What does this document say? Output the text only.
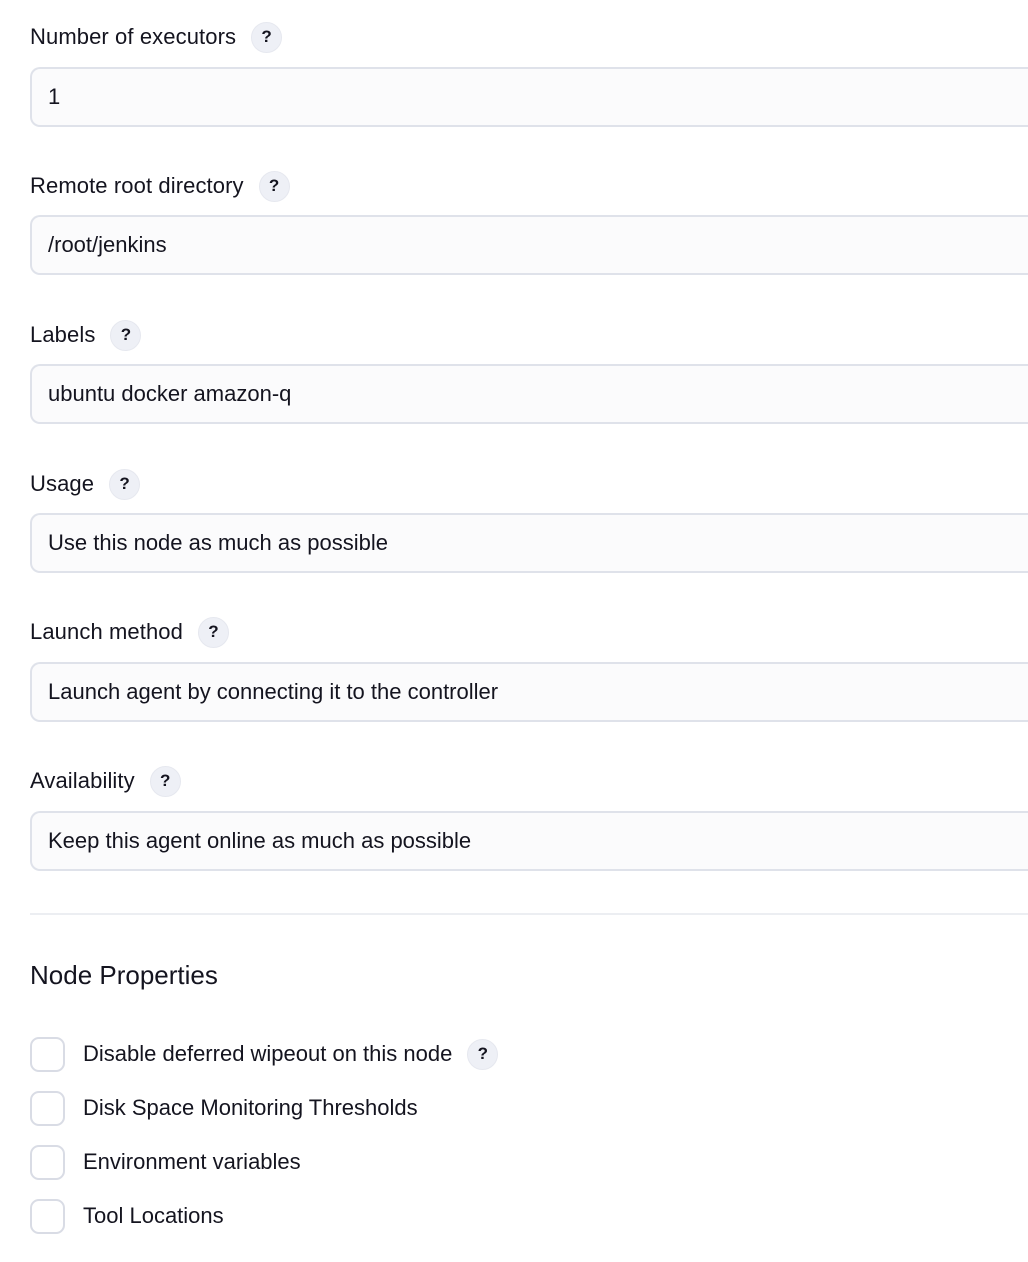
Number of executors	?
1
Remote root directory	?
/root/jenkins
Labels	?
ubuntu docker amazon-q
Usage	?
Use this node as much as possible
Launch method	?
Launch agent by connecting it to the controller
Availability	?
Keep this agent online as much as possible
Node Properties
Disable deferred wipeout on this node	?
Disk Space Monitoring Thresholds
Environment variables
Tool Locations
